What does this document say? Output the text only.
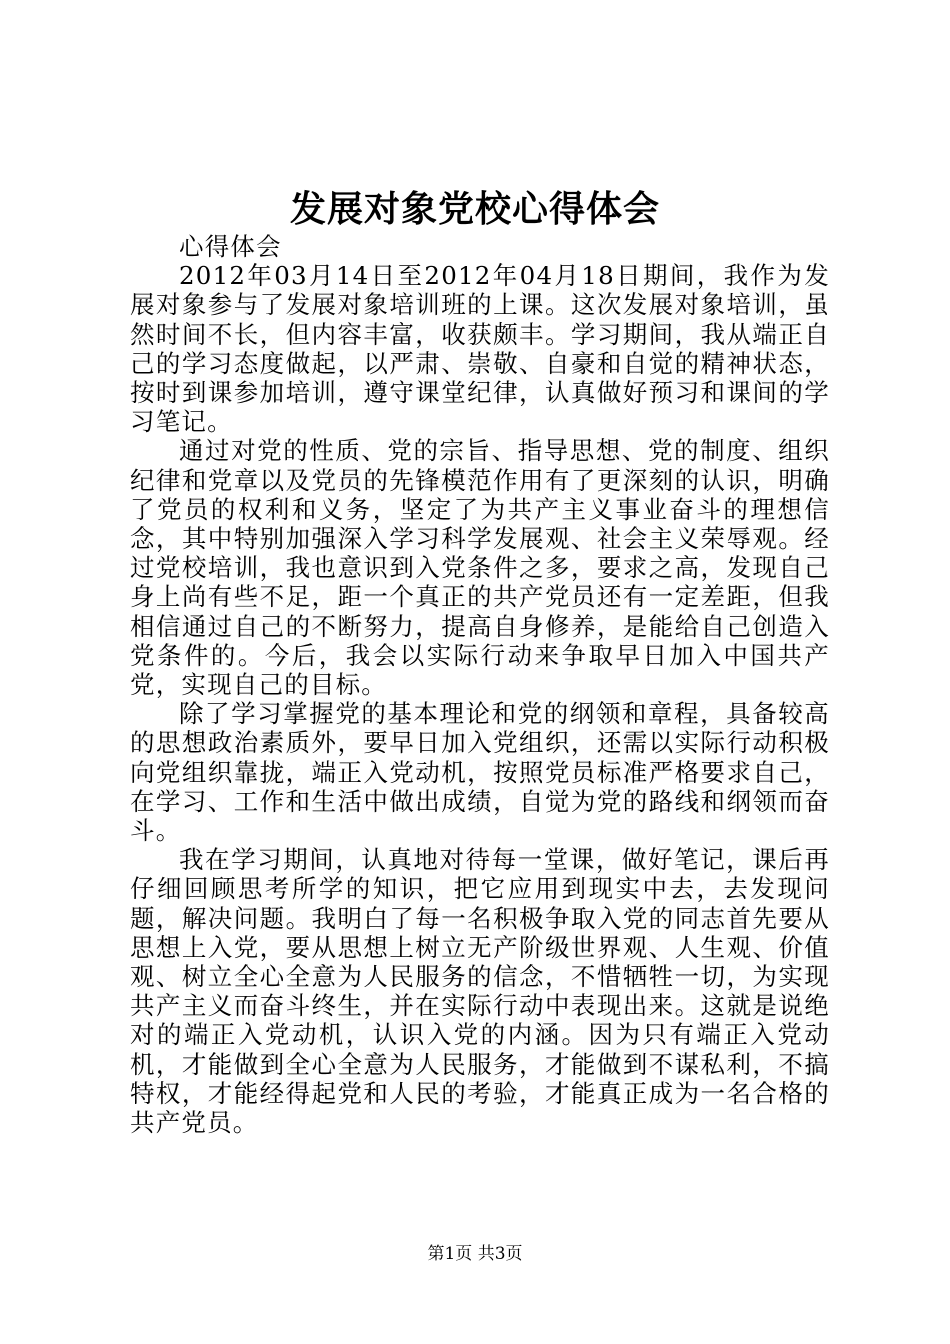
发展对象党校心得体会

心得体会

2012年03月14日至2012年04月18日期间，我作为发展对象参与了发展对象培训班的上课。这次发展对象培训，虽然时间不长，但内容丰富，收获颇丰。学习期间，我从端正自己的学习态度做起，以严肃、崇敬、自豪和自觉的精神状态，按时到课参加培训，遵守课堂纪律，认真做好预习和课间的学习笔记。

通过对党的性质、党的宗旨、指导思想、党的制度、组织纪律和党章以及党员的先锋模范作用有了更深刻的认识，明确了党员的权利和义务，坚定了为共产主义事业奋斗的理想信念，其中特别加强深入学习科学发展观、社会主义荣辱观。经过党校培训，我也意识到入党条件之多，要求之高，发现自己身上尚有些不足，距一个真正的共产党员还有一定差距，但我相信通过自己的不断努力，提高自身修养，是能给自己创造入党条件的。今后，我会以实际行动来争取早日加入中国共产党，实现自己的目标。

除了学习掌握党的基本理论和党的纲领和章程，具备较高的思想政治素质外，要早日加入党组织，还需以实际行动积极向党组织靠拢，端正入党动机，按照党员标准严格要求自己，在学习、工作和生活中做出成绩，自觉为党的路线和纲领而奋斗。

我在学习期间，认真地对待每一堂课，做好笔记，课后再仔细回顾思考所学的知识，把它应用到现实中去，去发现问题，解决问题。我明白了每一名积极争取入党的同志首先要从思想上入党，要从思想上树立无产阶级世界观、人生观、价值观、树立全心全意为人民服务的信念，不惜牺牲一切，为实现共产主义而奋斗终生，并在实际行动中表现出来。这就是说绝对的端正入党动机，认识入党的内涵。因为只有端正入党动机，才能做到全心全意为人民服务，才能做到不谋私利，不搞特权，才能经得起党和人民的考验，才能真正成为一名合格的共产党员。

第1页 共3页
